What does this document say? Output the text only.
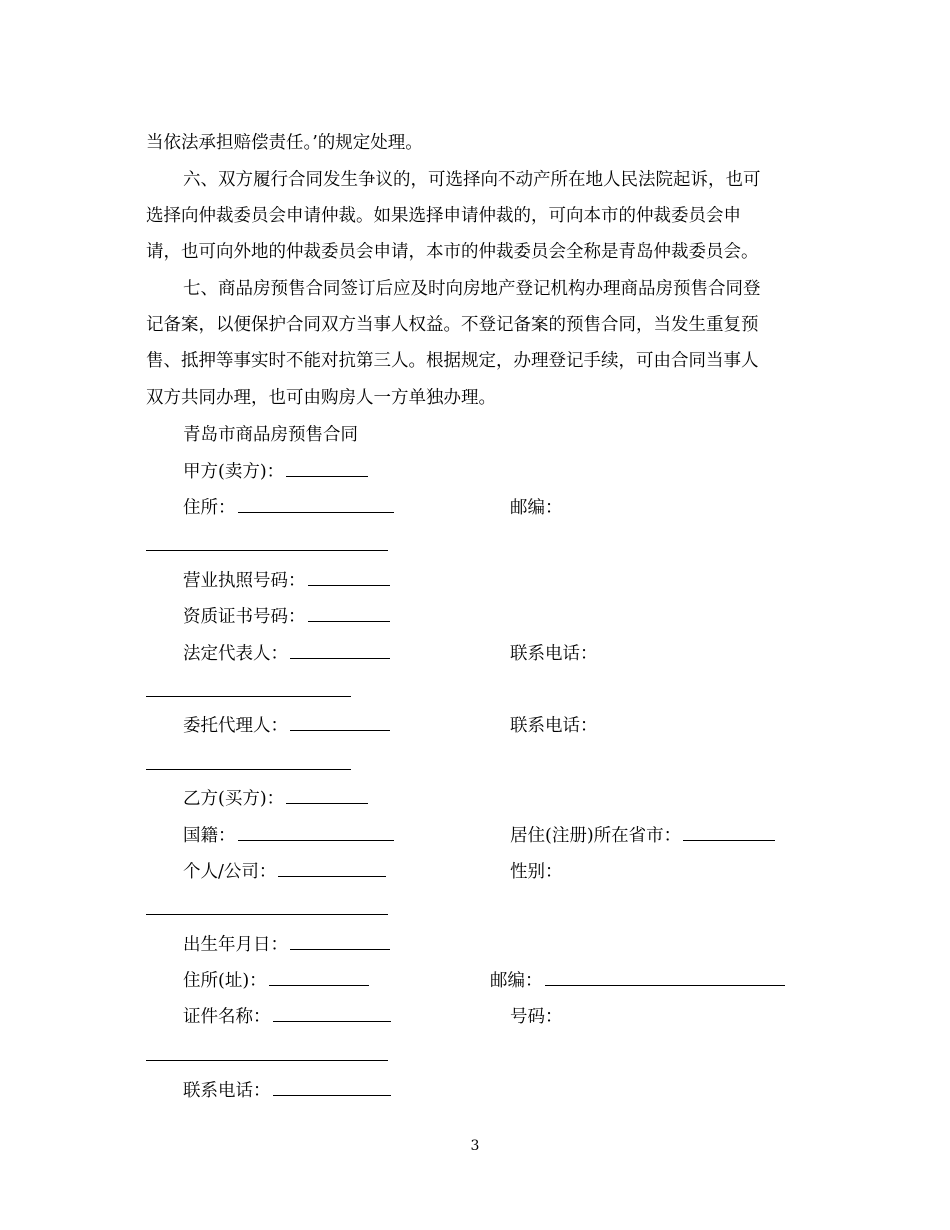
当依法承担赔偿责任。’的规定处理。
六、双方履行合同发生争议的，可选择向不动产所在地人民法院起诉，也可
选择向仲裁委员会申请仲裁。如果选择申请仲裁的，可向本市的仲裁委员会申
请，也可向外地的仲裁委员会申请，本市的仲裁委员会全称是青岛仲裁委员会。
七、商品房预售合同签订后应及时向房地产登记机构办理商品房预售合同登
记备案，以便保护合同双方当事人权益。不登记备案的预售合同，当发生重复预
售、抵押等事实时不能对抗第三人。根据规定，办理登记手续，可由合同当事人
双方共同办理，也可由购房人一方单独办理。
青岛市商品房预售合同
甲方(卖方)：
住所：	邮编：
营业执照号码：
资质证书号码：
法定代表人：	联系电话：
委托代理人：	联系电话：
乙方(买方)：
国籍：	居住(注册)所在省市：
个人/公司：	性别：
出生年月日：
住所(址)：	邮编：
证件名称：	号码：
联系电话：
3
